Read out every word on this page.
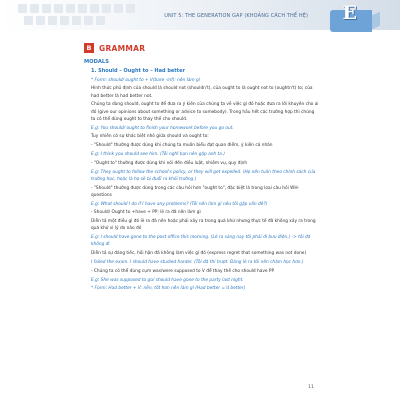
UNIT 5: THE GENERATION GAP (KHOẢNG CÁCH THẾ HỆ) E
B	GRAMMAR

MODALS

1. Should – Ought to – Had better

* Form: should/ ought to + V(bare -inf): nên làm gì

Hình thức phủ định của should là should not (shouldn't), của ought to là ought not to (oughtn't) to; của had better là had better not.

Chúng ta dùng should, ought to để đưa ra ý kiến của chúng ta về việc gì đó hoặc đưa ra lời khuyên cho ai đó (give our opinions about something or advice to somebody). Trong hầu hết các trường hợp thì chúng ta có thể dùng ought to thay thế cho should.

E.g: You should/ ought to finish your homework before you go out.

Tuy nhiên có sự khác biệt nhỏ giữa should và ought to:

- "Should" thường được dùng khi chúng ta muốn biểu đạt quan điểm, ý kiến cá nhân

E.g: I think you should see him. (Tôi nghĩ bạn nên gặp anh ta.)

- "Ought to" thường được dùng khi nói đến điều luật, nhiệm vụ, quy định

E.g: They ought to follow the school's policy, or they will get expelled. (Họ nên tuân theo chính sách của trường học, hoặc là họ sẽ bị đuổi ra khỏi trường.)

- "Should" thường được dùng trong các câu hỏi hơn "ought to", đặc biệt là trong loại câu hỏi WH- questions

E.g: What should I do if I have any problems? (Tôi nên làm gì nếu tôi gặp vấn đề?)

- Should/ Ought to +have + PP: lẽ ra đã nên làm gì

Diễn tả một điều gì đó lẽ ra đã nên hoặc phải xảy ra trong quá khứ nhưng thực tế đã không xảy ra trong quá khứ vì lý do nào đó

E.g: I should have gone to the post office this morning. (Lẽ ra sáng nay tôi phải đi bưu điện.) -> tôi đã không đi

Diễn tả sự đáng tiếc, hối hận đã không làm việc gì đó (express regret that something was not done)

I failed the exam. I should have studied harder. (Tôi đã thi trượt. Đáng lẽ ra tôi nên chăm học hơn.)

- Chúng ta có thể dùng cụm was/were supposed to V để thay thế cho should have PP

E.g: She was supposed to go/ should have gone to the party last night.

* Form: Had better + V: nên, tốt hơn nên làm gì (Had better =’d better)

11
